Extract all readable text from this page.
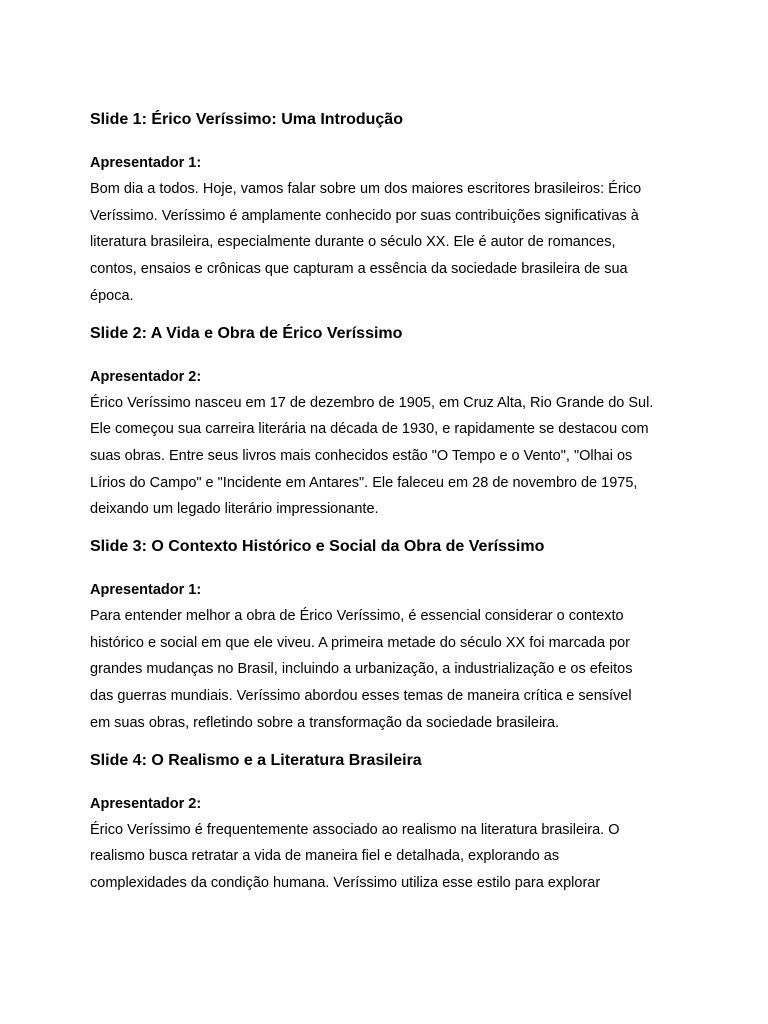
Slide 1: Érico Veríssimo: Uma Introdução

Apresentador 1:

Bom dia a todos. Hoje, vamos falar sobre um dos maiores escritores brasileiros: Érico
Veríssimo. Veríssimo é amplamente conhecido por suas contribuições significativas à
literatura brasileira, especialmente durante o século XX. Ele é autor de romances,
contos, ensaios e crônicas que capturam a essência da sociedade brasileira de sua
época.

Slide 2: A Vida e Obra de Érico Veríssimo

Apresentador 2:

Érico Veríssimo nasceu em 17 de dezembro de 1905, em Cruz Alta, Rio Grande do Sul.
Ele começou sua carreira literária na década de 1930, e rapidamente se destacou com
suas obras. Entre seus livros mais conhecidos estão "O Tempo e o Vento", "Olhai os
Lírios do Campo" e "Incidente em Antares". Ele faleceu em 28 de novembro de 1975,
deixando um legado literário impressionante.

Slide 3: O Contexto Histórico e Social da Obra de Veríssimo

Apresentador 1:

Para entender melhor a obra de Érico Veríssimo, é essencial considerar o contexto
histórico e social em que ele viveu. A primeira metade do século XX foi marcada por
grandes mudanças no Brasil, incluindo a urbanização, a industrialização e os efeitos
das guerras mundiais. Veríssimo abordou esses temas de maneira crítica e sensível
em suas obras, refletindo sobre a transformação da sociedade brasileira.

Slide 4: O Realismo e a Literatura Brasileira

Apresentador 2:

Érico Veríssimo é frequentemente associado ao realismo na literatura brasileira. O
realismo busca retratar a vida de maneira fiel e detalhada, explorando as
complexidades da condição humana. Veríssimo utiliza esse estilo para explorar
